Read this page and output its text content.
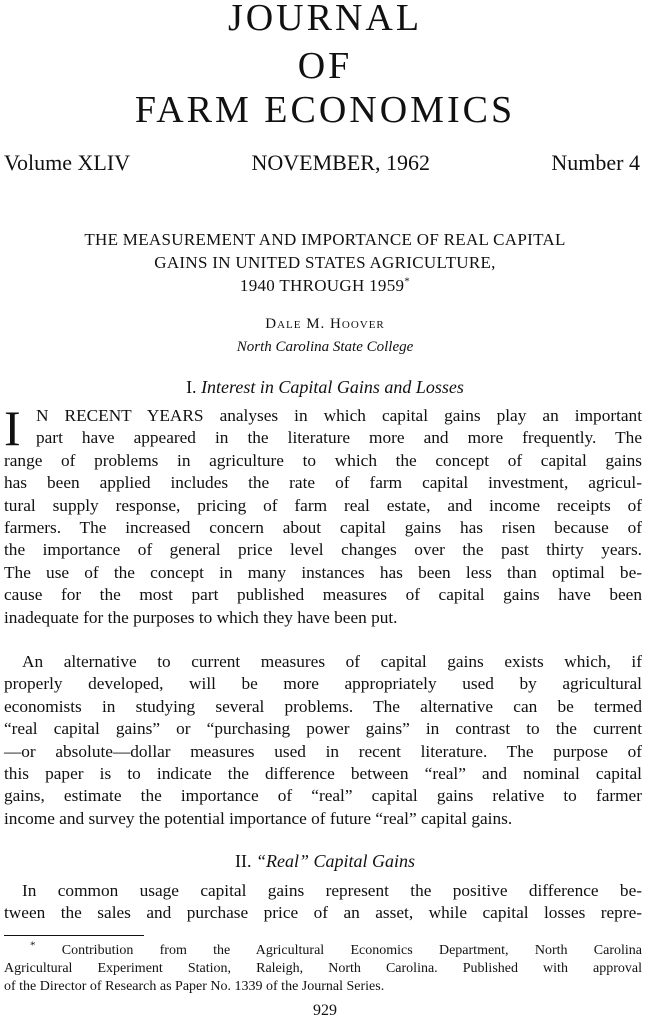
JOURNAL
OF
FARM ECONOMICS
Volume XLIV	NOVEMBER, 1962	Number 4
THE MEASUREMENT AND IMPORTANCE OF REAL CAPITAL
GAINS IN UNITED STATES AGRICULTURE,
1940 THROUGH 1959*
Dale M. Hoover
North Carolina State College
I. Interest in Capital Gains and Losses
I N RECENT YEARS analyses in which capital gains play an important
part have appeared in the literature more and more frequently. The
range of problems in agriculture to which the concept of capital gains
has been applied includes the rate of farm capital investment, agricul-
tural supply response, pricing of farm real estate, and income receipts of
farmers. The increased concern about capital gains has risen because of
the importance of general price level changes over the past thirty years.
The use of the concept in many instances has been less than optimal be-
cause for the most part published measures of capital gains have been
inadequate for the purposes to which they have been put.
An alternative to current measures of capital gains exists which, if
properly developed, will be more appropriately used by agricultural
economists in studying several problems. The alternative can be termed
“real capital gains” or “purchasing power gains” in contrast to the current
—or absolute—dollar measures used in recent literature. The purpose of
this paper is to indicate the difference between “real” and nominal capital
gains, estimate the importance of “real” capital gains relative to farmer
income and survey the potential importance of future “real” capital gains.
II. “Real” Capital Gains
In common usage capital gains represent the positive difference be-
tween the sales and purchase price of an asset, while capital losses repre-
* Contribution from the Agricultural Economics Department, North Carolina
Agricultural Experiment Station, Raleigh, North Carolina. Published with approval
of the Director of Research as Paper No. 1339 of the Journal Series.
929
